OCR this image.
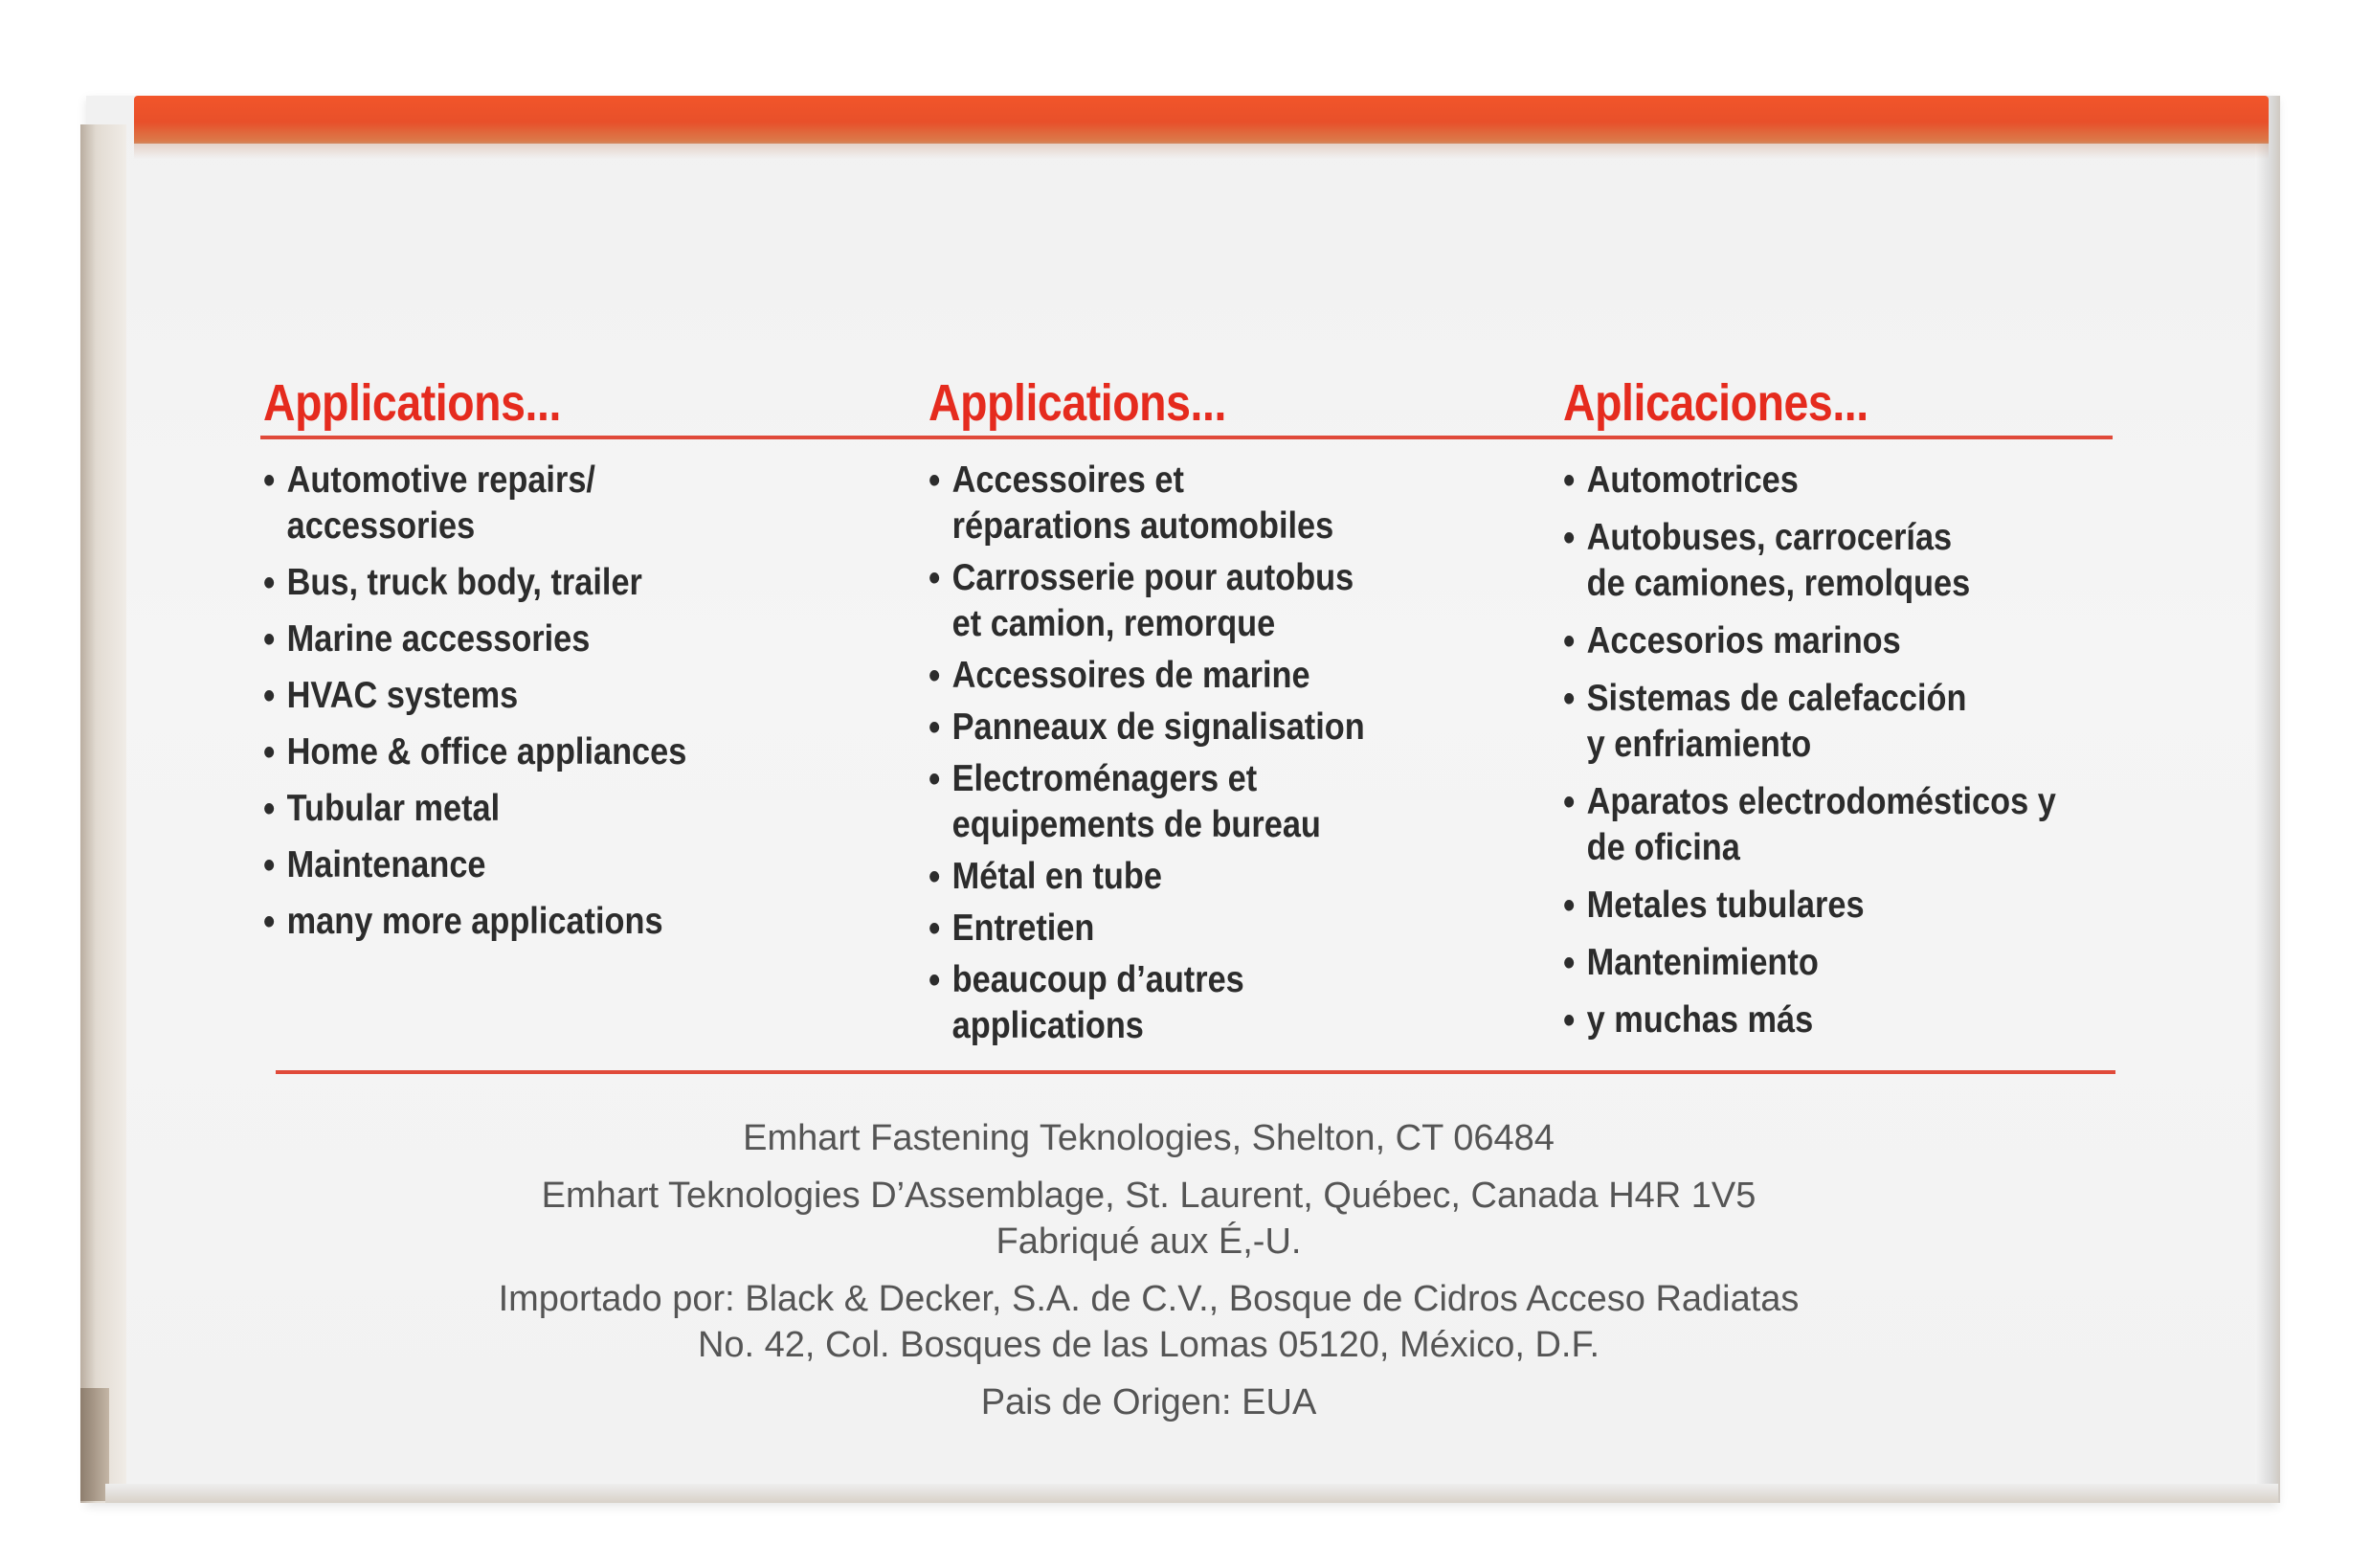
Applications...
• Automotive repairs/
accessories
• Bus, truck body, trailer
• Marine accessories
• HVAC systems
• Home & office appliances
• Tubular metal
• Maintenance
• many more applications
Applications...
• Accessoires et
réparations automobiles
• Carrosserie pour autobus
et camion, remorque
• Accessoires de marine
• Panneaux de signalisation
• Electroménagers et
equipements de bureau
• Métal en tube
• Entretien
• beaucoup d’autres
applications
Aplicaciones...
• Automotrices
• Autobuses, carrocerías
de camiones, remolques
• Accesorios marinos
• Sistemas de calefacción
y enfriamiento
• Aparatos electrodomésticos y
de oficina
• Metales tubulares
• Mantenimiento
• y muchas más

Emhart Fastening Teknologies, Shelton, CT 06484

Emhart Teknologies D’Assemblage, St. Laurent, Québec, Canada H4R 1V5

Fabriqué aux É,-U.

Importado por: Black & Decker, S.A. de C.V., Bosque de Cidros Acceso Radiatas

No. 42, Col. Bosques de las Lomas 05120, México, D.F.

Pais de Origen: EUA
